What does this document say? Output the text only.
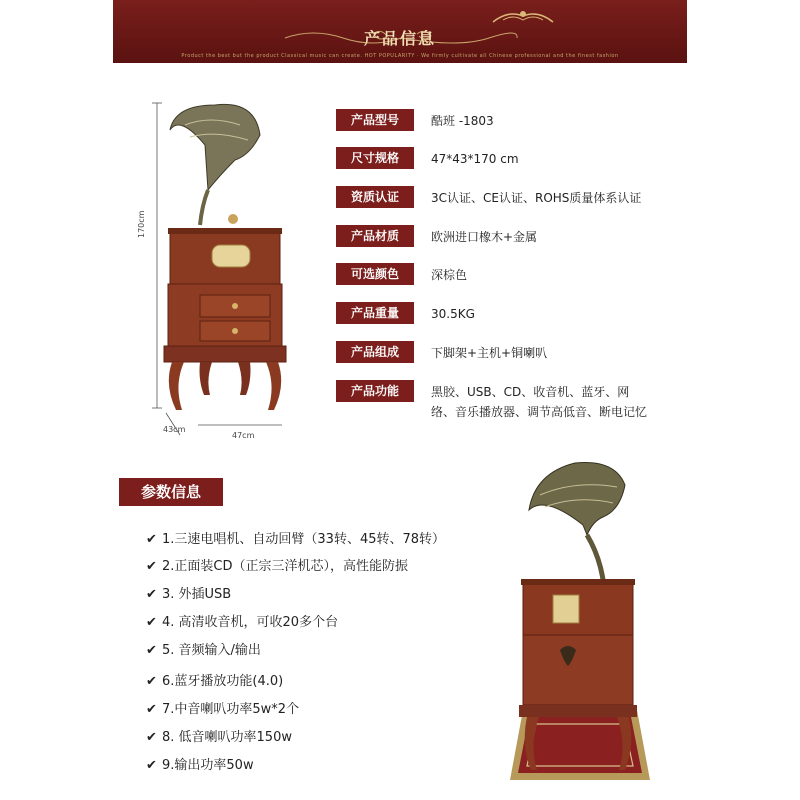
产品信息
Product the best but the product Classical music can create. HOT POPULARITY · We firmly cultivate all Chinese professional and the finest fashion
170cm
43cm
47cm
产品型号	酷班 -1803
尺寸规格	47*43*170 cm
资质认证	3C认证、CE认证、ROHS质量体系认证
产品材质	欧洲进口橡木+金属
可选颜色	深棕色
产品重量	30.5KG
产品组成	下脚架+主机+铜喇叭
产品功能	黑胶、USB、CD、收音机、蓝牙、网络、音乐播放器、调节高低音、断电记忆
参数信息
✔ 1.三速电唱机、自动回臂（33转、45转、78转）
✔ 2.正面装CD（正宗三洋机芯），高性能防振
✔ 3. 外插USB
✔ 4. 高清收音机，可收20多个台
✔ 5. 音频输入/输出
✔ 6.蓝牙播放功能(4.0)
✔ 7.中音喇叭功率5w*2个
✔ 8. 低音喇叭功率150w
✔ 9.输出功率50w
